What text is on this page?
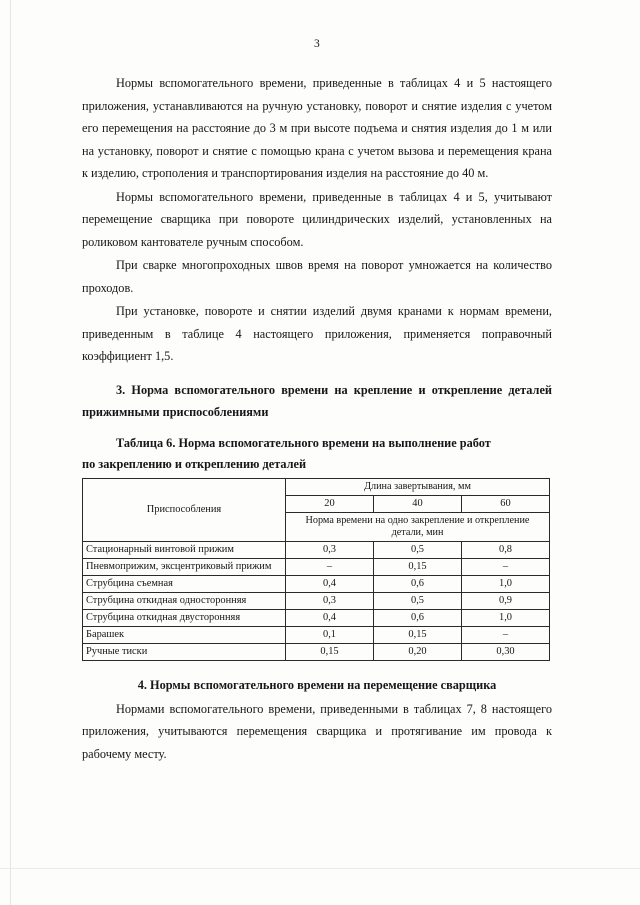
3

Нормы вспомогательного времени, приведенные в таблицах 4 и 5 настоящего приложения, устанавливаются на ручную установку, поворот и снятие изделия с учетом его перемещения на расстояние до 3 м при высоте подъема и снятия изделия до 1 м или на установку, поворот и снятие с помощью крана с учетом вызова и перемещения крана к изделию, строполения и транспортирования изделия на расстояние до 40 м.

Нормы вспомогательного времени, приведенные в таблицах 4 и 5, учитывают перемещение сварщика при повороте цилиндрических изделий, установленных на роликовом кантователе ручным способом.

При сварке многопроходных швов время на поворот умножается на количество проходов.

При установке, повороте и снятии изделий двумя кранами к нормам времени, приведенным в таблице 4 настоящего приложения, применяется поправочный коэффициент 1,5.

3. Норма вспомогательного времени на крепление и открепление деталей прижимными приспособлениями
Таблица 6. Норма вспомогательного времени на выполнение работ
по закреплению и откреплению деталей
Приспособления	Длина завертывания, мм		
	20	40	60
	Норма времени на одно закрепление и открепление детали, мин		
Стационарный винтовой прижим	0,3	0,5	0,8
Пневмоприжим, эксцентриковый прижим	–	0,15	–
Струбцина съемная	0,4	0,6	1,0
Струбцина откидная односторонняя	0,3	0,5	0,9
Струбцина откидная двусторонняя	0,4	0,6	1,0
Барашек	0,1	0,15	–
Ручные тиски	0,15	0,20	0,30
4. Нормы вспомогательного времени на перемещение сварщика

Нормами вспомогательного времени, приведенными в таблицах 7, 8 настоящего приложения, учитываются перемещения сварщика и протягивание им провода к рабочему месту.
